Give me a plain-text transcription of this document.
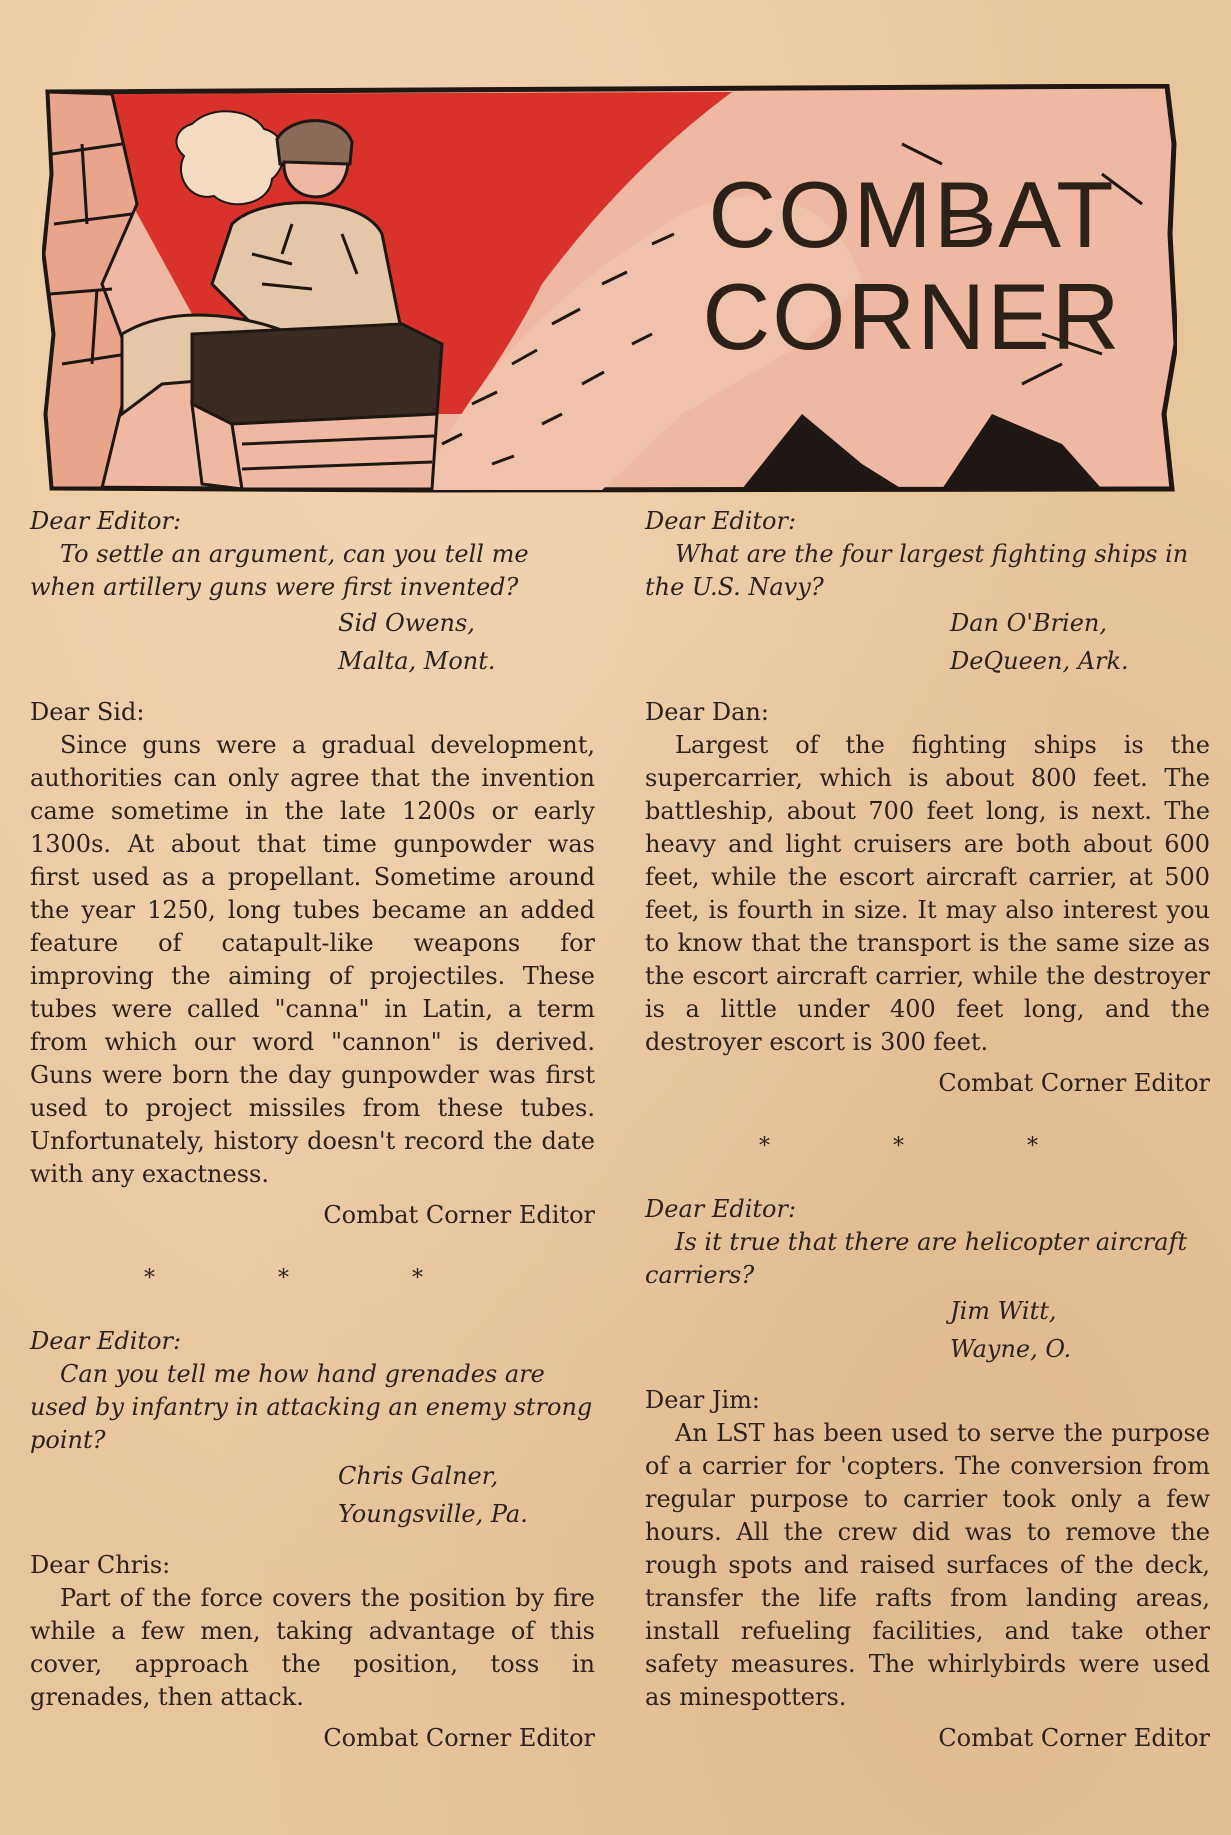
COMBAT
CORNER

Dear Editor:

To settle an argument, can you tell me when artillery guns were first invented?

Sid Owens,

Malta, Mont.

Dear Sid:

Since guns were a gradual development, authorities can only agree that the invention came sometime in the late 1200s or early 1300s. At about that time gunpowder was first used as a propellant. Sometime around the year 1250, long tubes became an added feature of catapult-like weapons for improving the aiming of projectiles. These tubes were called "canna" in Latin, a term from which our word "cannon" is derived. Guns were born the day gunpowder was first used to project missiles from these tubes. Unfortunately, history doesn't record the date with any exactness.

Combat Corner Editor

* * *

Dear Editor:

Can you tell me how hand grenades are used by infantry in attacking an enemy strong point?

Chris Galner,

Youngsville, Pa.

Dear Chris:

Part of the force covers the position by fire while a few men, taking advantage of this cover, approach the position, toss in grenades, then attack.

Combat Corner Editor

Dear Editor:

What are the four largest fighting ships in the U.S. Navy?

Dan O'Brien,

DeQueen, Ark.

Dear Dan:

Largest of the fighting ships is the supercarrier, which is about 800 feet. The battleship, about 700 feet long, is next. The heavy and light cruisers are both about 600 feet, while the escort aircraft carrier, at 500 feet, is fourth in size. It may also interest you to know that the transport is the same size as the escort aircraft carrier, while the destroyer is a little under 400 feet long, and the destroyer escort is 300 feet.

Combat Corner Editor

* * *

Dear Editor:

Is it true that there are helicopter aircraft carriers?

Jim Witt,

Wayne, O.

Dear Jim:

An LST has been used to serve the purpose of a carrier for 'copters. The conversion from regular purpose to carrier took only a few hours. All the crew did was to remove the rough spots and raised surfaces of the deck, transfer the life rafts from landing areas, install refueling facilities, and take other safety measures. The whirlybirds were used as minespotters.

Combat Corner Editor
